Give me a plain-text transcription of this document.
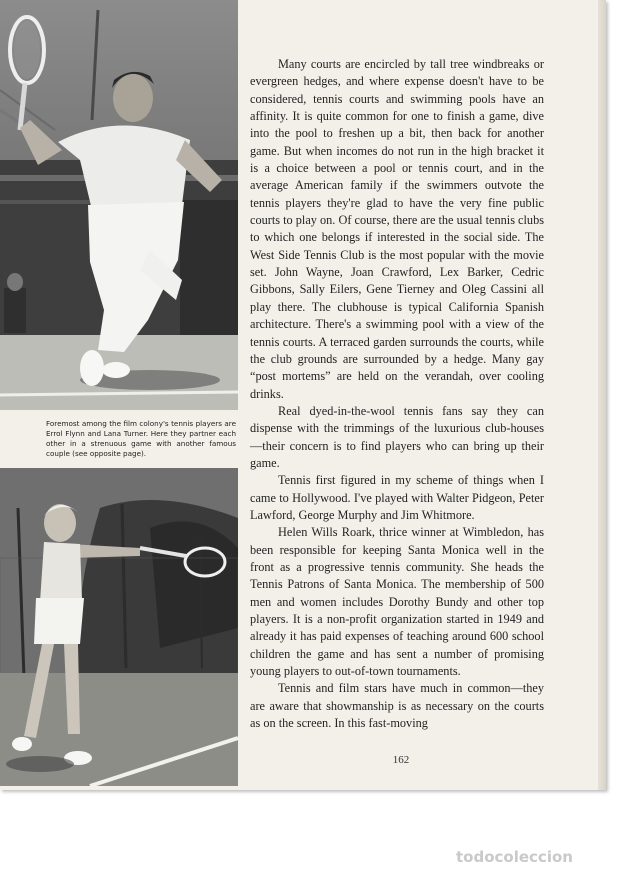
Foremost among the film colony's tennis players are Errol Flynn and Lana Turner. Here they partner each other in a strenuous game with another famous couple (see opposite page).

Many courts are encircled by tall tree windbreaks or evergreen hedges, and where expense doesn't have to be considered, tennis courts and swimming pools have an affinity. It is quite common for one to finish a game, dive into the pool to freshen up a bit, then back for another game. But when incomes do not run in the high bracket it is a choice between a pool or tennis court, and in the average American family if the swimmers outvote the tennis players they're glad to have the very fine public courts to play on. Of course, there are the usual tennis clubs to which one belongs if interested in the social side. The West Side Tennis Club is the most popular with the movie set. John Wayne, Joan Crawford, Lex Barker, Cedric Gibbons, Sally Eilers, Gene Tierney and Oleg Cassini all play there. The clubhouse is typical California Spanish architecture. There's a swimming pool with a view of the tennis courts. A terraced garden surrounds the courts, while the club grounds are surrounded by a hedge. Many gay “post mortems” are held on the verandah, over cooling drinks.

Real dyed-in-the-wool tennis fans say they can dispense with the trimmings of the luxurious club-houses—their concern is to find players who can bring up their game.

Tennis first figured in my scheme of things when I came to Hollywood. I've played with Walter Pidgeon, Peter Lawford, George Murphy and Jim Whitmore.

Helen Wills Roark, thrice winner at Wimbledon, has been responsible for keeping Santa Monica well in the front as a progressive tennis community. She heads the Tennis Patrons of Santa Monica. The membership of 500 men and women includes Dorothy Bundy and other top players. It is a non-profit organization started in 1949 and already it has paid expenses of teaching around 600 school children the game and has sent a number of promising young players to out-of-town tournaments.

Tennis and film stars have much in common—they are aware that showmanship is as necessary on the courts as on the screen. In this fast-moving

162
todocoleccion
